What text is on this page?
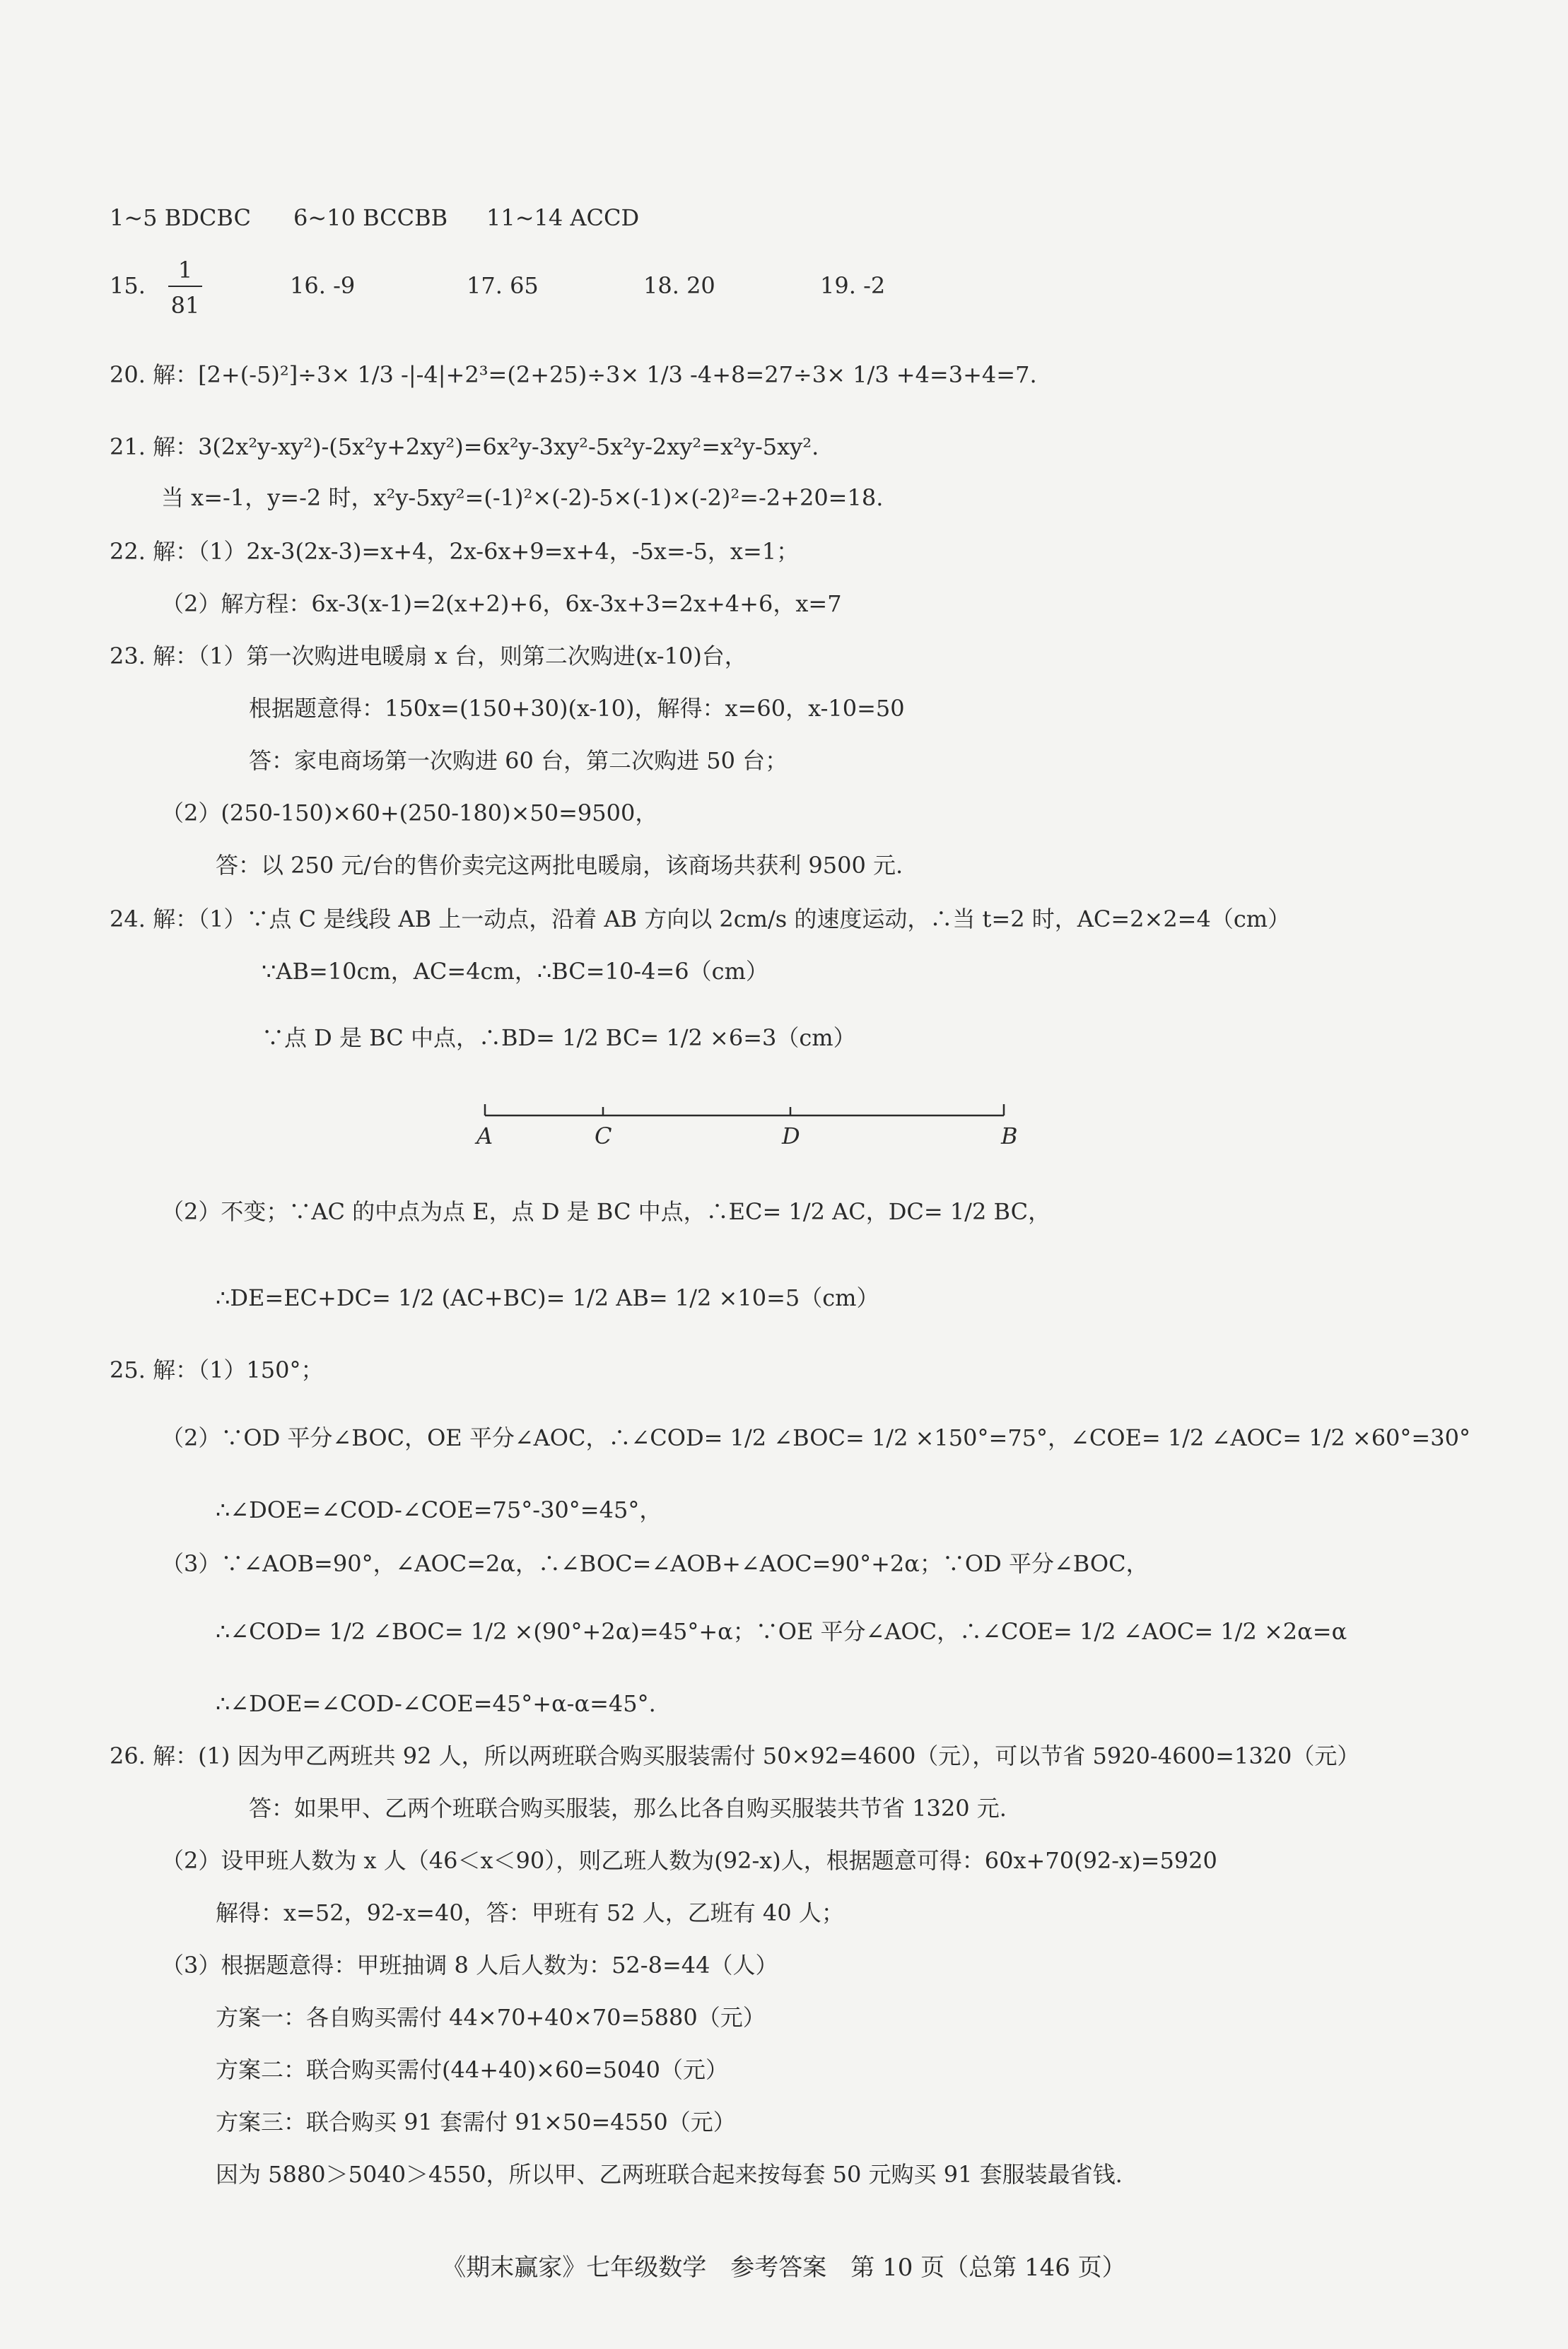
1~5 BDCBC 6~10 BCCBB 11~14 ACCD
15.
1
81
16. -9	17. 65	18. 20	19. -2
20. 解：[2+(-5)²]÷3× 1/3 -|-4|+2³=(2+25)÷3× 1/3 -4+8=27÷3× 1/3 +4=3+4=7.
21. 解：3(2x²y-xy²)-(5x²y+2xy²)=6x²y-3xy²-5x²y-2xy²=x²y-5xy².
当 x=-1，y=-2 时，x²y-5xy²=(-1)²×(-2)-5×(-1)×(-2)²=-2+20=18.
22. 解：（1）2x-3(2x-3)=x+4，2x-6x+9=x+4，-5x=-5，x=1；
（2）解方程：6x-3(x-1)=2(x+2)+6，6x-3x+3=2x+4+6，x=7
23. 解：（1）第一次购进电暖扇 x 台，则第二次购进(x-10)台，
根据题意得：150x=(150+30)(x-10)，解得：x=60，x-10=50
答：家电商场第一次购进 60 台，第二次购进 50 台；
（2）(250-150)×60+(250-180)×50=9500，
答：以 250 元/台的售价卖完这两批电暖扇，该商场共获利 9500 元.
24. 解：（1）∵点 C 是线段 AB 上一动点，沿着 AB 方向以 2cm/s 的速度运动，∴当 t=2 时，AC=2×2=4（cm）
∵AB=10cm，AC=4cm，∴BC=10-4=6（cm）
∵点 D 是 BC 中点，∴BD= 1/2 BC= 1/2 ×6=3（cm）
A	C	D	B
（2）不变；∵AC 的中点为点 E，点 D 是 BC 中点，∴EC= 1/2 AC，DC= 1/2 BC，
∴DE=EC+DC= 1/2 (AC+BC)= 1/2 AB= 1/2 ×10=5（cm）
25. 解：（1）150°；
（2）∵OD 平分∠BOC，OE 平分∠AOC，∴∠COD= 1/2 ∠BOC= 1/2 ×150°=75°，∠COE= 1/2 ∠AOC= 1/2 ×60°=30°
∴∠DOE=∠COD-∠COE=75°-30°=45°，
（3）∵∠AOB=90°，∠AOC=2α，∴∠BOC=∠AOB+∠AOC=90°+2α；∵OD 平分∠BOC，
∴∠COD= 1/2 ∠BOC= 1/2 ×(90°+2α)=45°+α；∵OE 平分∠AOC，∴∠COE= 1/2 ∠AOC= 1/2 ×2α=α
∴∠DOE=∠COD-∠COE=45°+α-α=45°.
26. 解：(1) 因为甲乙两班共 92 人，所以两班联合购买服装需付 50×92=4600（元），可以节省 5920-4600=1320（元）
答：如果甲、乙两个班联合购买服装，那么比各自购买服装共节省 1320 元.
（2）设甲班人数为 x 人（46＜x＜90），则乙班人数为(92-x)人，根据题意可得：60x+70(92-x)=5920
解得：x=52，92-x=40，答：甲班有 52 人，乙班有 40 人；
（3）根据题意得：甲班抽调 8 人后人数为：52-8=44（人）
方案一：各自购买需付 44×70+40×70=5880（元）
方案二：联合购买需付(44+40)×60=5040（元）
方案三：联合购买 91 套需付 91×50=4550（元）
因为 5880＞5040＞4550，所以甲、乙两班联合起来按每套 50 元购买 91 套服装最省钱.
《期末赢家》七年级数学　参考答案　第 10 页（总第 146 页）
